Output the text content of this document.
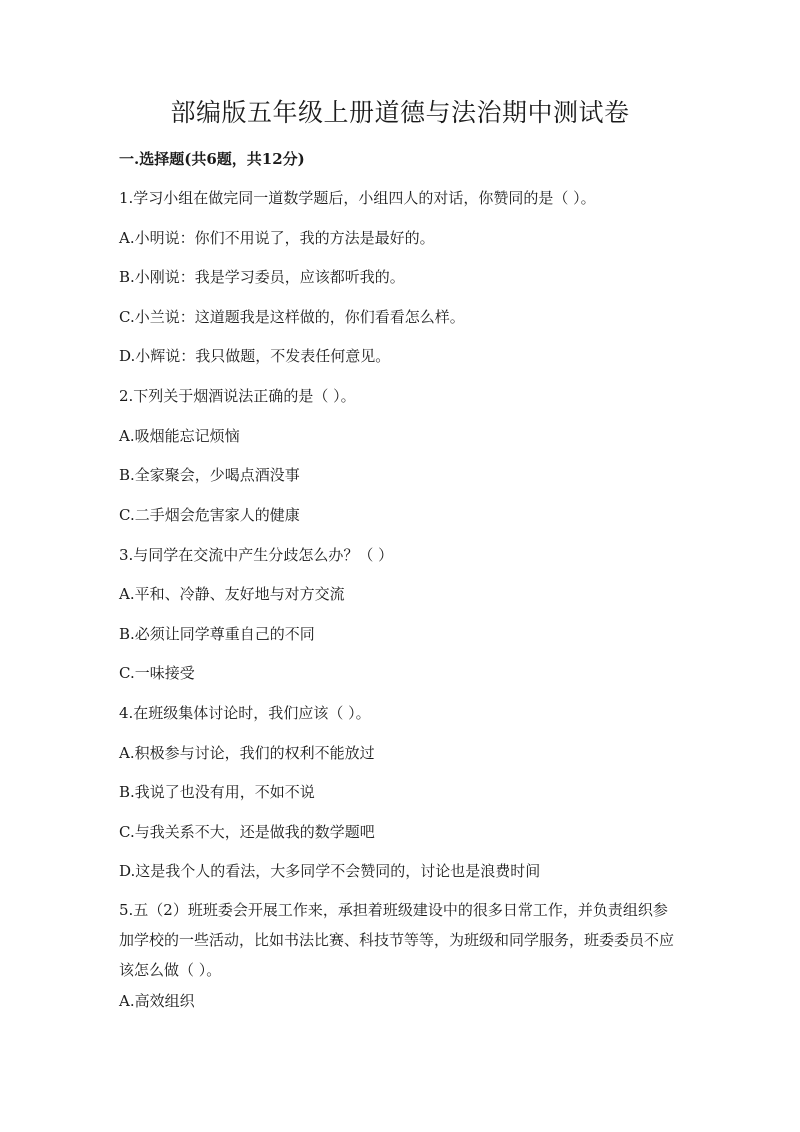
部编版五年级上册道德与法治期中测试卷
一.选择题(共6题，共12分)
1.学习小组在做完同一道数学题后，小组四人的对话，你赞同的是（ ）。
A.小明说：你们不用说了，我的方法是最好的。
B.小刚说：我是学习委员，应该都听我的。
C.小兰说：这道题我是这样做的，你们看看怎么样。
D.小辉说：我只做题，不发表任何意见。
2.下列关于烟酒说法正确的是（ ）。
A.吸烟能忘记烦恼
B.全家聚会，少喝点酒没事
C.二手烟会危害家人的健康
3.与同学在交流中产生分歧怎么办？（ ）
A.平和、冷静、友好地与对方交流
B.必须让同学尊重自己的不同
C.一味接受
4.在班级集体讨论时，我们应该（ ）。
A.积极参与讨论，我们的权利不能放过
B.我说了也没有用，不如不说
C.与我关系不大，还是做我的数学题吧
D.这是我个人的看法，大多同学不会赞同的，讨论也是浪费时间
5.五（2）班班委会开展工作来，承担着班级建设中的很多日常工作，并负责组织参加学校的一些活动，比如书法比赛、科技节等等，为班级和同学服务，班委委员不应该怎么做（ ）。
A.高效组织
